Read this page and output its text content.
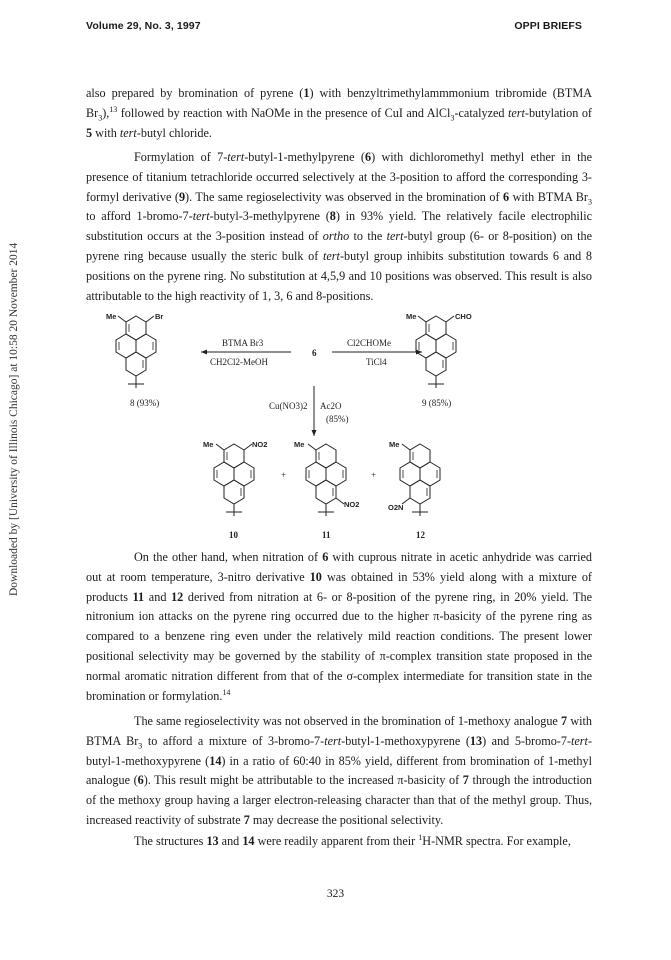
Volume 29, No. 3, 1997	OPPI BRIEFS
Downloaded by [University of Illinois Chicago] at 10:58 20 November 2014

also prepared by bromination of pyrene (1) with benzyltrimethylammmonium tribromide (BTMA $Br_3),^{13}$ followed by reaction with NaOMe in the presence of CuI and AlCl$_3$-catalyzed tert-butylation of 5 with tert-butyl chloride.

Formylation of 7-tert-butyl-1-methylpyrene (6) with dichloromethyl methyl ether in the presence of titanium tetrachloride occurred selectively at the 3-position to afford the corresponding 3-formyl derivative (9). The same regioselectivity was observed in the bromination of 6 with BTMA $Br_3$ to afford 1-bromo-7-tert-butyl-3-methylpyrene (8) in 93% yield. The relatively facile electrophilic substitution occurs at the 3-position instead of ortho to the tert-butyl group (6- or 8-position) on the pyrene ring because usually the steric bulk of tert-butyl group inhibits substitution towards 6 and 8 positions on the pyrene ring. No substitution at 4,5,9 and 10 positions was observed. This result is also attributable to the high reactivity of 1, 3, 6 and 8-positions.

Me	Br
8 (93%)
BTMA Br3
CH2Cl2-MeOH
6
Cl2CHOMe
TiCl4
Me	CHO
9 (85%)
Cu(NO3)2 Ac2O
(85%)
Me	NO2
10
+
Me
NO2
11
+
Me
O2N
12

On the other hand, when nitration of 6 with cuprous nitrate in acetic anhydride was carried out at room temperature, 3-nitro derivative 10 was obtained in 53% yield along with a mixture of products 11 and 12 derived from nitration at 6- or 8-position of the pyrene ring, in 20% yield. The nitronium ion attacks on the pyrene ring occurred due to the higher π-basicity of the pyrene ring as compared to a benzene ring even under the relatively mild reaction conditions. The present lower positional selectivity may be governed by the stability of π-complex transition state proposed in the normal aromatic nitration different from that of the σ-complex intermediate for transition state in the bromination or formylation.$^{14}$

The same regioselectivity was not observed in the bromination of 1-methoxy analogue 7 with BTMA $Br_3$ to afford a mixture of 3-bromo-7-tert-butyl-1-methoxypyrene (13) and 5-bromo-7-tert-butyl-1-methoxypyrene (14) in a ratio of 60:40 in 85% yield, different from bromination of 1-methyl analogue (6). This result might be attributable to the increased π-basicity of 7 through the introduction of the methoxy group having a larger electron-releasing character than that of the methyl group. Thus, increased reactivity of substrate 7 may decrease the positional selectivity.

The structures 13 and 14 were readily apparent from their $^1$H-NMR spectra. For example,

323
